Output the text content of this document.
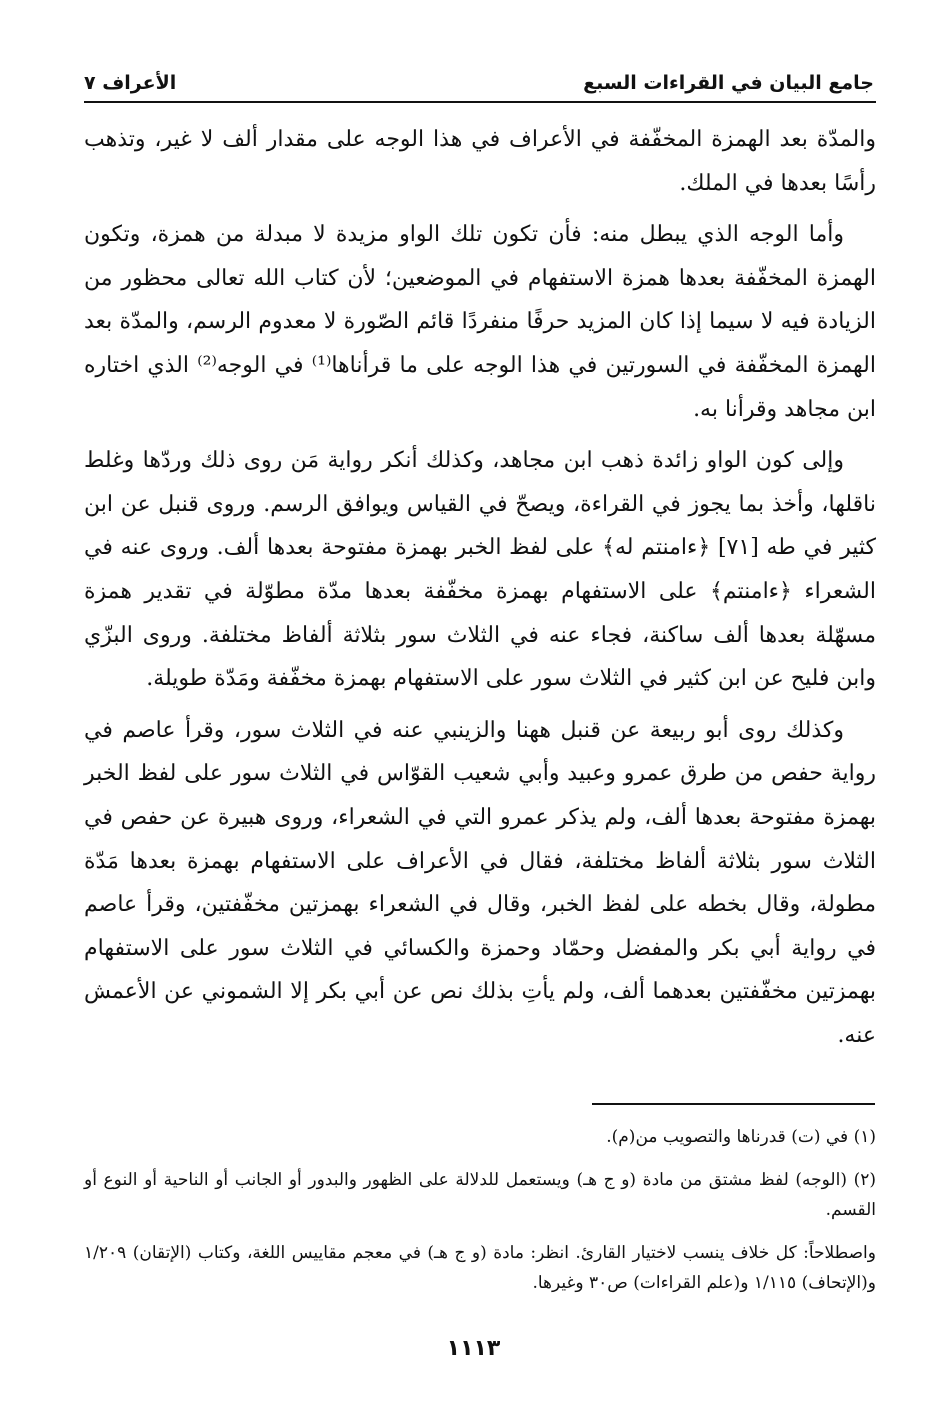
جامع البيان في القراءات السبع
الأعراف ٧

والمدّة بعد الهمزة المخفّفة في الأعراف في هذا الوجه على مقدار ألف لا غير، وتذهب رأسًا بعدها في الملك.

وأما الوجه الذي يبطل منه: فأن تكون تلك الواو مزيدة لا مبدلة من همزة، وتكون الهمزة المخفّفة بعدها همزة الاستفهام في الموضعين؛ لأن كتاب الله تعالى محظور من الزيادة فيه لا سيما إذا كان المزيد حرفًا منفردًا قائم الصّورة لا معدوم الرسم، والمدّة بعد الهمزة المخفّفة في السورتين في هذا الوجه على ما قرأناها⁽¹⁾ في الوجه⁽²⁾ الذي اختاره ابن مجاهد وقرأنا به.

وإلى كون الواو زائدة ذهب ابن مجاهد، وكذلك أنكر رواية مَن روى ذلك وردّها وغلط ناقلها، وأخذ بما يجوز في القراءة، ويصحّ في القياس ويوافق الرسم. وروى قنبل عن ابن كثير في طه [٧١] ﴿ءامنتم له﴾ على لفظ الخبر بهمزة مفتوحة بعدها ألف. وروى عنه في الشعراء ﴿ءامنتم﴾ على الاستفهام بهمزة مخفّفة بعدها مدّة مطوّلة في تقدير همزة مسهّلة بعدها ألف ساكنة، فجاء عنه في الثلاث سور بثلاثة ألفاظ مختلفة. وروى البزّي وابن فليح عن ابن كثير في الثلاث سور على الاستفهام بهمزة مخفّفة ومَدّة طويلة.

وكذلك روى أبو ربيعة عن قنبل ههنا والزينبي عنه في الثلاث سور، وقرأ عاصم في رواية حفص من طرق عمرو وعبيد وأبي شعيب القوّاس في الثلاث سور على لفظ الخبر بهمزة مفتوحة بعدها ألف، ولم يذكر عمرو التي في الشعراء، وروى هبيرة عن حفص في الثلاث سور بثلاثة ألفاظ مختلفة، فقال في الأعراف على الاستفهام بهمزة بعدها مَدّة مطولة، وقال بخطه على لفظ الخبر، وقال في الشعراء بهمزتين مخفّفتين، وقرأ عاصم في رواية أبي بكر والمفضل وحمّاد وحمزة والكسائي في الثلاث سور على الاستفهام بهمزتين مخفّفتين بعدهما ألف، ولم يأتِ بذلك نص عن أبي بكر إلا الشموني عن الأعمش عنه.

(١) في (ت) قدرناها والتصويب من(م).

(٢) (الوجه) لفظ مشتق من مادة (و ج هـ) ويستعمل للدلالة على الظهور والبدور أو الجانب أو الناحية أو النوع أو القسم.

واصطلاحاً: كل خلاف ينسب لاختيار القارئ. انظر: مادة (و ج هـ) في معجم مقاييس اللغة، وكتاب (الإتقان) ١/٢٠٩ و(الإتحاف) ١/١١٥ و(علم القراءات) ص٣٠ وغيرها.

١١١٣
